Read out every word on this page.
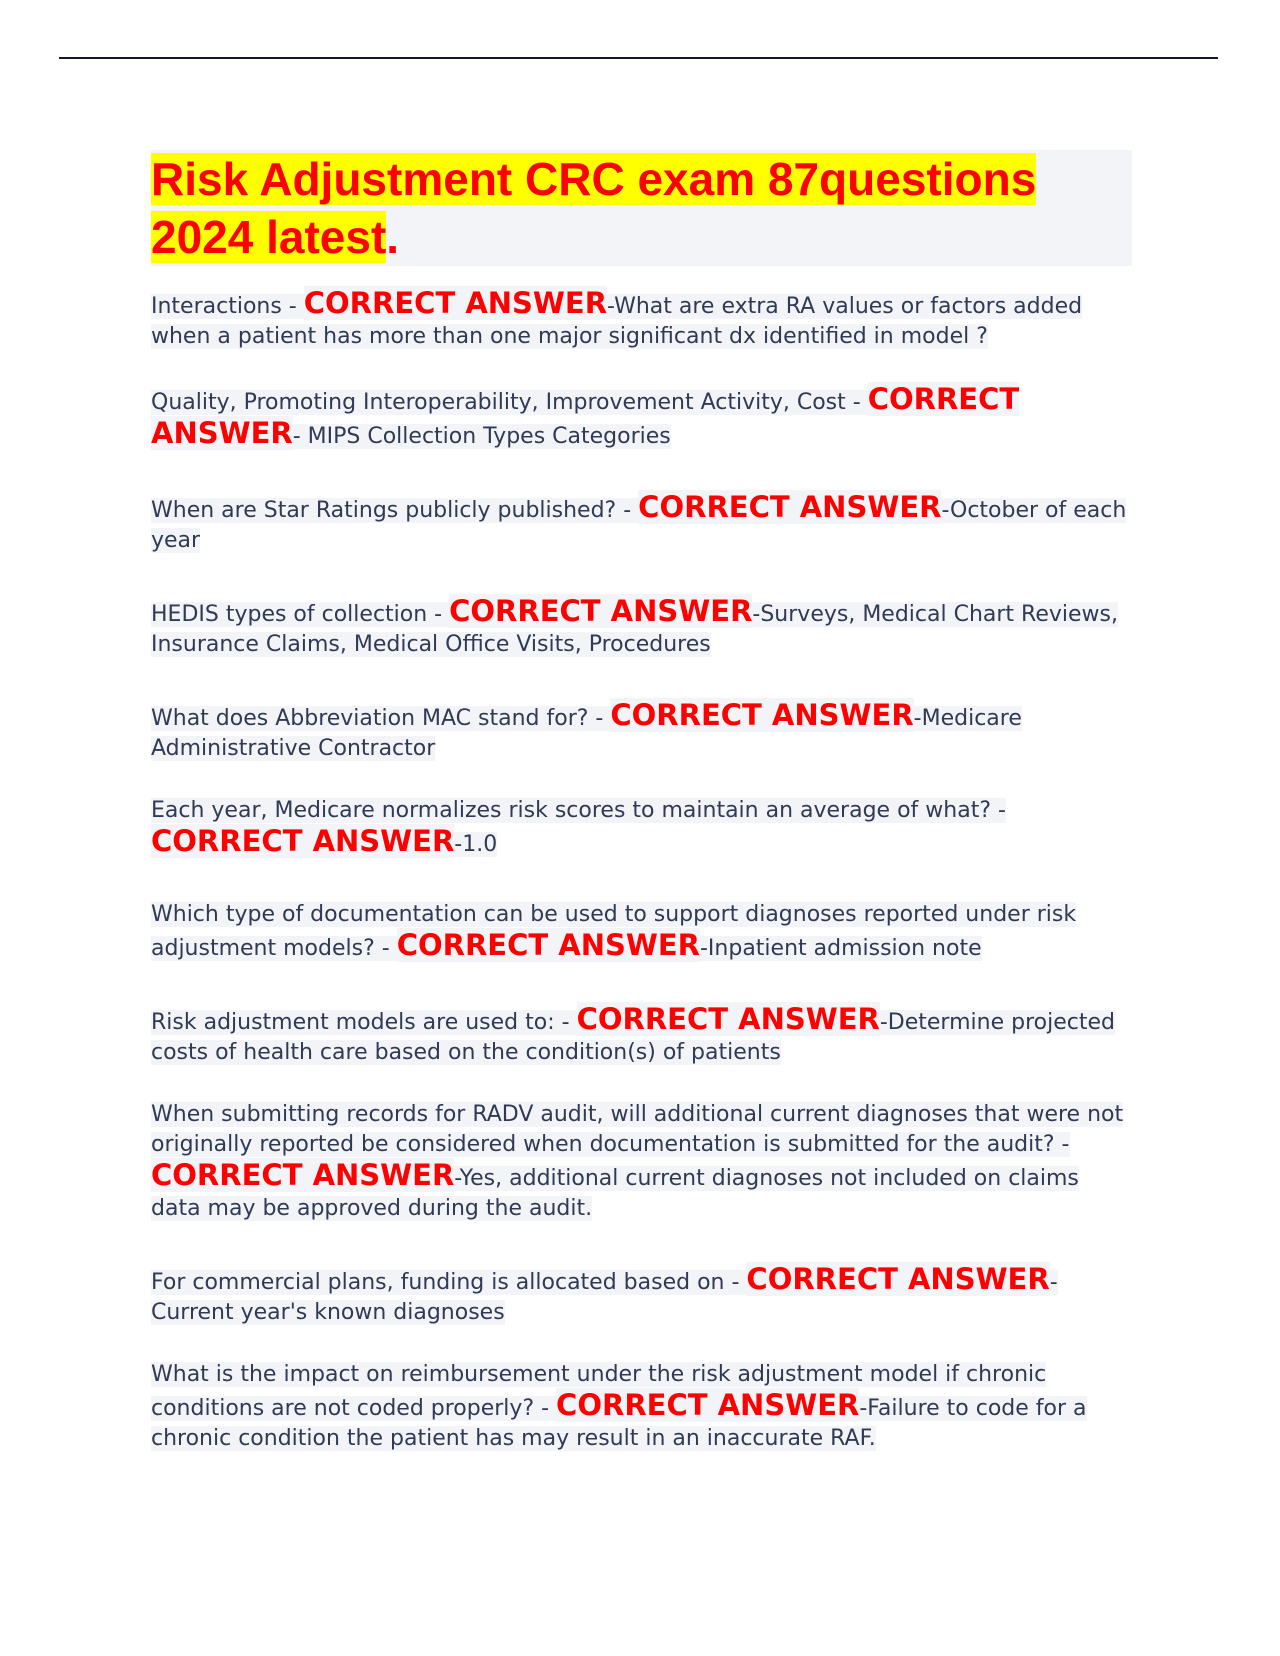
Risk Adjustment CRC exam 87questions 2024 latest.

Interactions - CORRECT ANSWER-What are extra RA values or factors added when a patient has more than one major significant dx identified in model ?

Quality, Promoting Interoperability, Improvement Activity, Cost - CORRECT ANSWER- MIPS Collection Types Categories

When are Star Ratings publicly published? - CORRECT ANSWER-October of each year

HEDIS types of collection - CORRECT ANSWER-Surveys, Medical Chart Reviews, Insurance Claims, Medical Office Visits, Procedures

What does Abbreviation MAC stand for? - CORRECT ANSWER-Medicare Administrative Contractor

Each year, Medicare normalizes risk scores to maintain an average of what? - CORRECT ANSWER-1.0

Which type of documentation can be used to support diagnoses reported under risk adjustment models? - CORRECT ANSWER-Inpatient admission note

Risk adjustment models are used to: - CORRECT ANSWER-Determine projected costs of health care based on the condition(s) of patients

When submitting records for RADV audit, will additional current diagnoses that were not originally reported be considered when documentation is submitted for the audit? - CORRECT ANSWER-Yes, additional current diagnoses not included on claims data may be approved during the audit.

For commercial plans, funding is allocated based on - CORRECT ANSWER-Current year's known diagnoses

What is the impact on reimbursement under the risk adjustment model if chronic conditions are not coded properly? - CORRECT ANSWER-Failure to code for a chronic condition the patient has may result in an inaccurate RAF.
